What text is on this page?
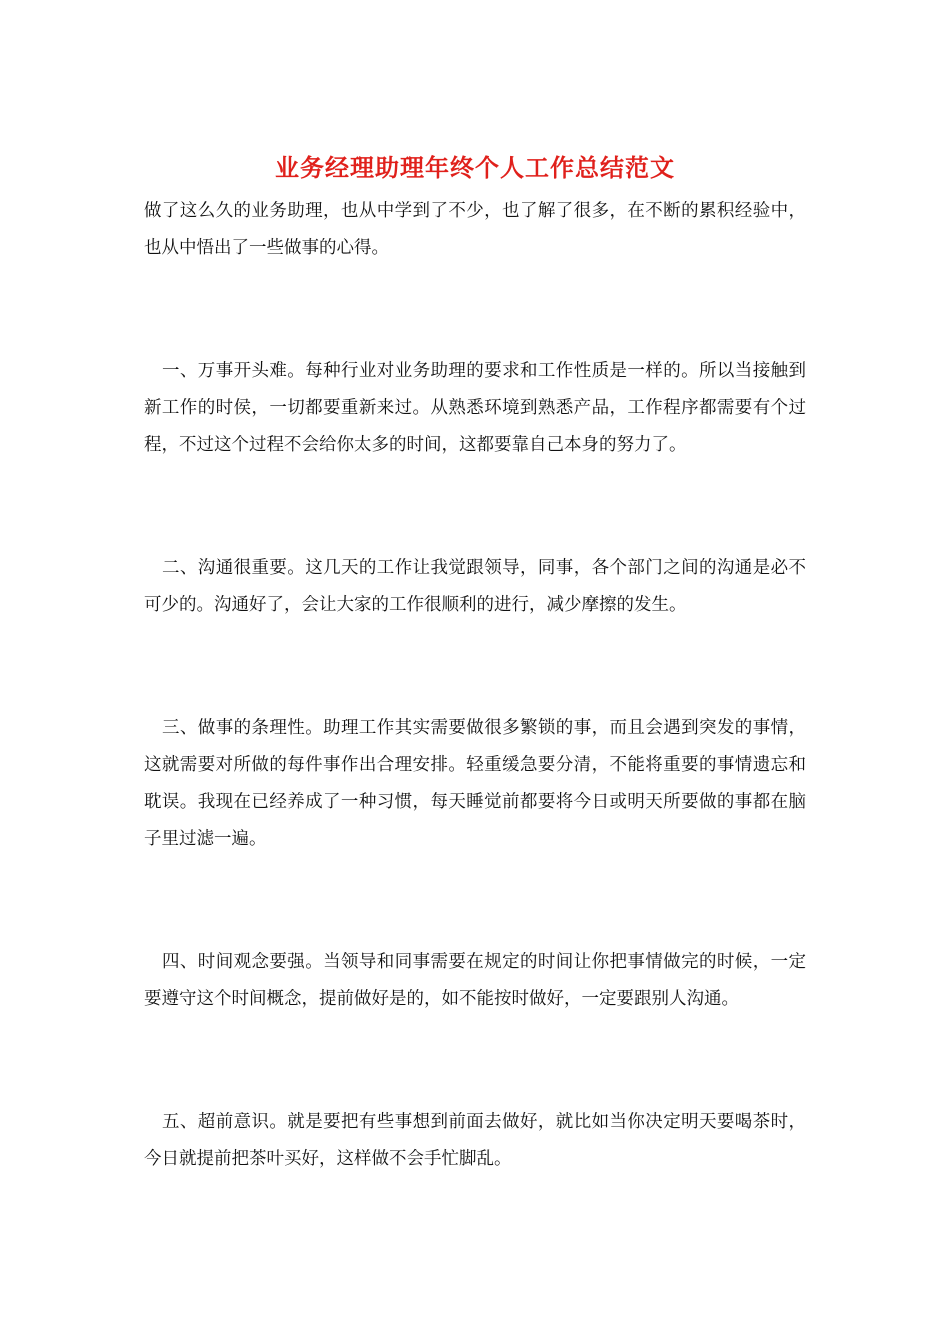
业务经理助理年终个人工作总结范文

做了这么久的业务助理，也从中学到了不少，也了解了很多，在不断的累积经验中，也从中悟出了一些做事的心得。

一、万事开头难。每种行业对业务助理的要求和工作性质是一样的。所以当接触到新工作的时侯，一切都要重新来过。从熟悉环境到熟悉产品，工作程序都需要有个过程，不过这个过程不会给你太多的时间，这都要靠自己本身的努力了。

二、沟通很重要。这几天的工作让我觉跟领导，同事，各个部门之间的沟通是必不可少的。沟通好了，会让大家的工作很顺利的进行，减少摩擦的发生。

三、做事的条理性。助理工作其实需要做很多繁锁的事，而且会遇到突发的事情，这就需要对所做的每件事作出合理安排。轻重缓急要分清，不能将重要的事情遗忘和耽误。我现在已经养成了一种习惯，每天睡觉前都要将今日或明天所要做的事都在脑子里过滤一遍。

四、时间观念要强。当领导和同事需要在规定的时间让你把事情做完的时候，一定要遵守这个时间概念，提前做好是的，如不能按时做好，一定要跟别人沟通。

五、超前意识。就是要把有些事想到前面去做好，就比如当你决定明天要喝茶时，今日就提前把茶叶买好，这样做不会手忙脚乱。
